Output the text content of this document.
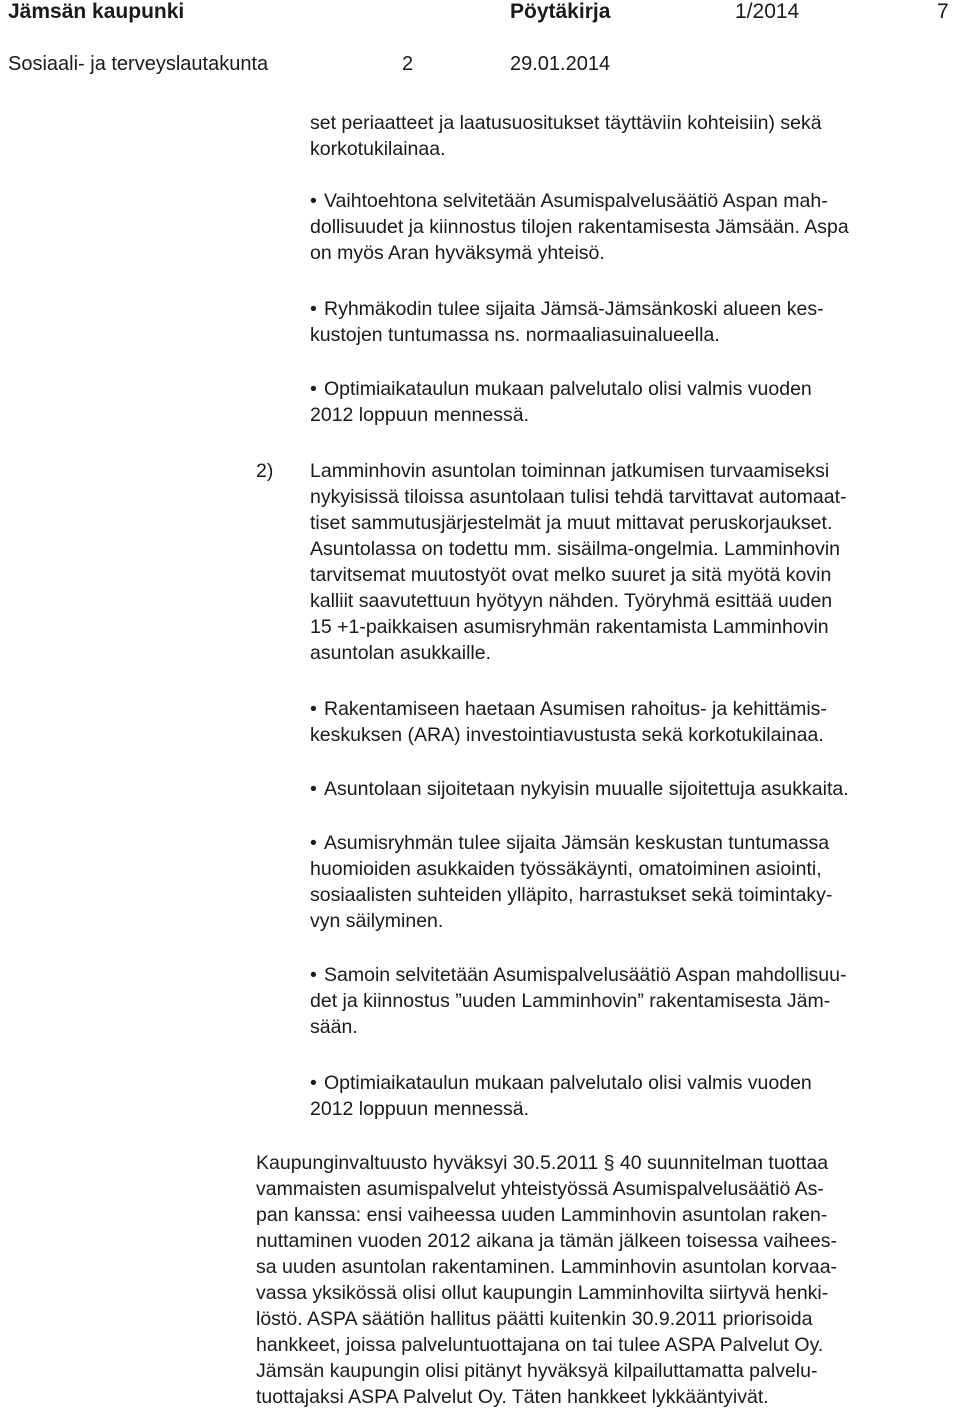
Jämsän kaupunki	Pöytäkirja	1/2014	7
Sosiaali- ja terveyslautakunta	2	29.01.2014
set periaatteet ja laatusuositukset täyttäviin kohteisiin) sekä
korkotukilainaa.
• Vaihtoehtona selvitetään Asumispalvelusäätiö Aspan mah-
dollisuudet ja kiinnostus tilojen rakentamisesta Jämsään. Aspa
on myös Aran hyväksymä yhteisö.
• Ryhmäkodin tulee sijaita Jämsä-Jämsänkoski alueen kes-
kustojen tuntumassa ns. normaaliasuinalueella.
• Optimiaikataulun mukaan palvelutalo olisi valmis vuoden
2012 loppuun mennessä.
2) Lamminhovin asuntolan toiminnan jatkumisen turvaamiseksi
nykyisissä tiloissa asuntolaan tulisi tehdä tarvittavat automaat-
tiset sammutusjärjestelmät ja muut mittavat peruskorjaukset.
Asuntolassa on todettu mm. sisäilma-ongelmia. Lamminhovin
tarvitsemat muutostyöt ovat melko suuret ja sitä myötä kovin
kalliit saavutettuun hyötyyn nähden. Työryhmä esittää uuden
15 +1-paikkaisen asumisryhmän rakentamista Lamminhovin
asuntolan asukkaille.
• Rakentamiseen haetaan Asumisen rahoitus- ja kehittämis-
keskuksen (ARA) investointiavustusta sekä korkotukilainaa.
• Asuntolaan sijoitetaan nykyisin muualle sijoitettuja asukkaita.
• Asumisryhmän tulee sijaita Jämsän keskustan tuntumassa
huomioiden asukkaiden työssäkäynti, omatoiminen asiointi,
sosiaalisten suhteiden ylläpito, harrastukset sekä toimintaky-
vyn säilyminen.
• Samoin selvitetään Asumispalvelusäätiö Aspan mahdollisuu-
det ja kiinnostus ”uuden Lamminhovin” rakentamisesta Jäm-
sään.
• Optimiaikataulun mukaan palvelutalo olisi valmis vuoden
2012 loppuun mennessä.
Kaupunginvaltuusto hyväksyi 30.5.2011 § 40 suunnitelman tuottaa
vammaisten asumispalvelut yhteistyössä Asumispalvelusäätiö As-
pan kanssa: ensi vaiheessa uuden Lamminhovin asuntolan raken-
nuttaminen vuoden 2012 aikana ja tämän jälkeen toisessa vaihees-
sa uuden asuntolan rakentaminen. Lamminhovin asuntolan korvaa-
vassa yksikössä olisi ollut kaupungin Lamminhovilta siirtyvä henki-
löstö. ASPA säätiön hallitus päätti kuitenkin 30.9.2011 priorisoida
hankkeet, joissa palveluntuottajana on tai tulee ASPA Palvelut Oy.
Jämsän kaupungin olisi pitänyt hyväksyä kilpailuttamatta palvelu-
tuottajaksi ASPA Palvelut Oy. Täten hankkeet lykkääntyivät.
